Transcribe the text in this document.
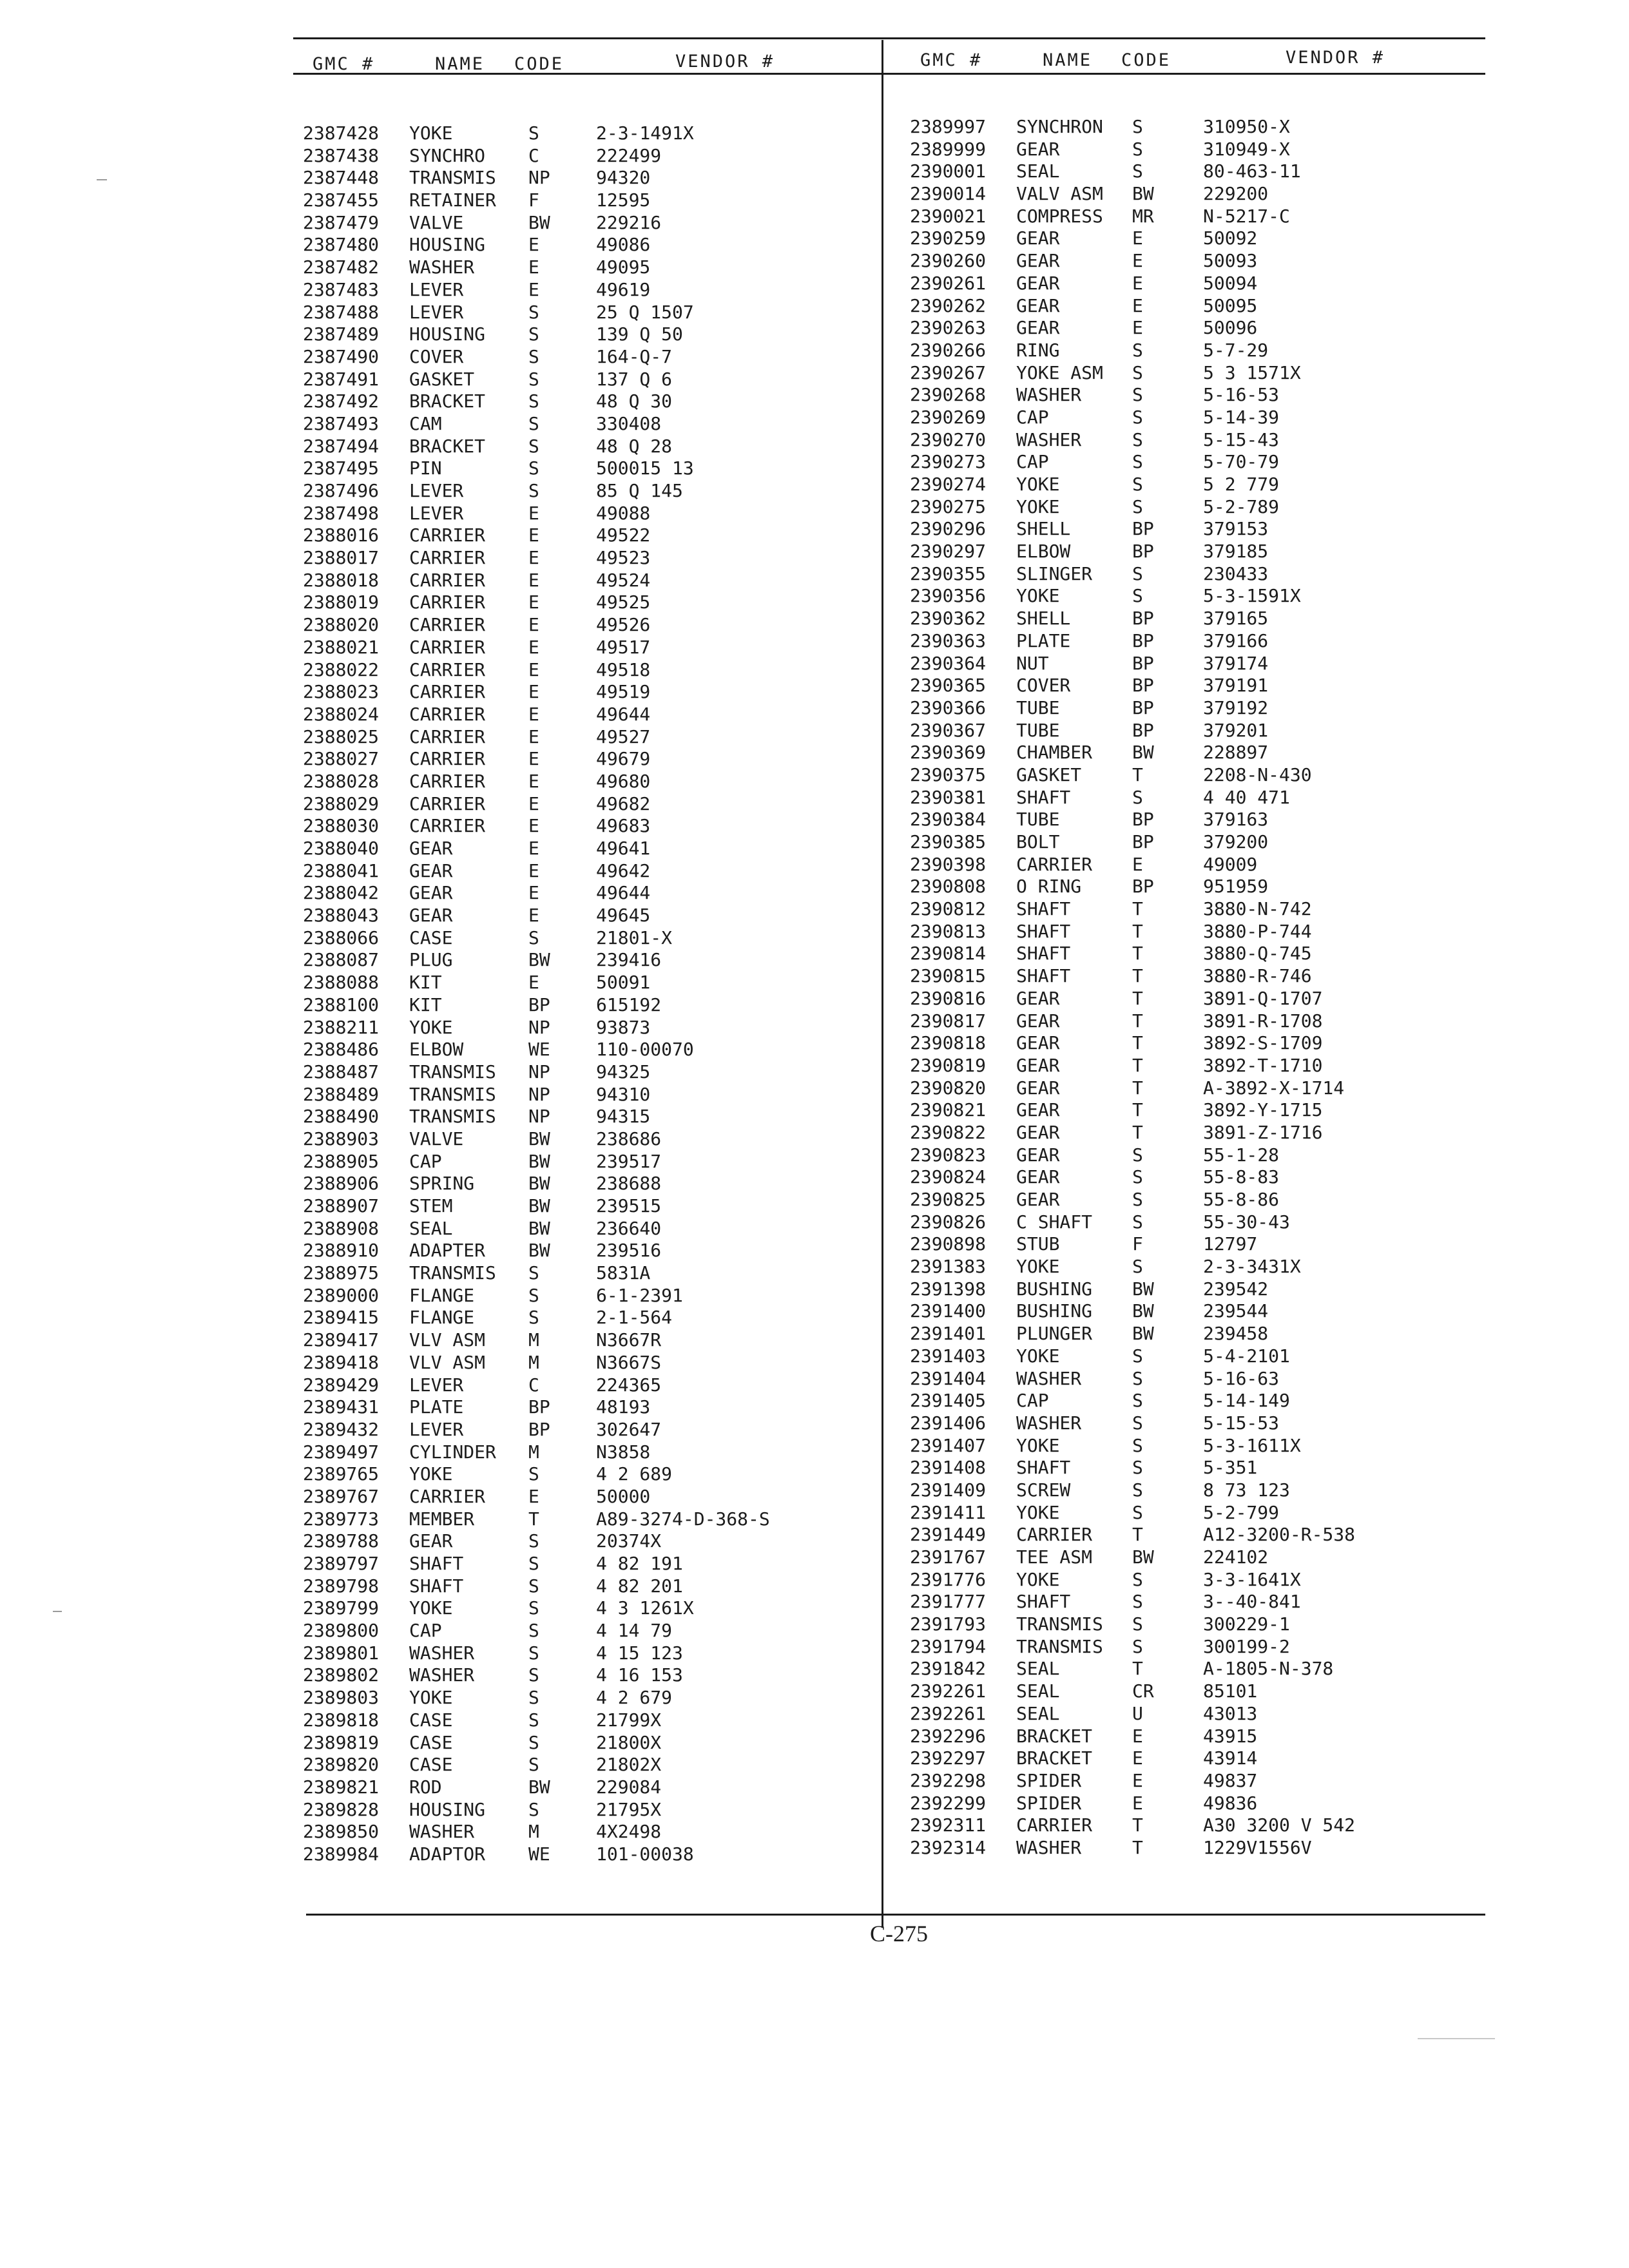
GMC #	NAME CODE	VENDOR #	GMC #	NAME CODE	VENDOR #
2387428 YOKE	S	2-3-1491X
2387438 SYNCHRO C	222499
2387448 TRANSMIS NP	94320
2387455 RETAINER F	12595
2387479 VALVE	BW	229216
2387480 HOUSING E	49086
2387482 WASHER	E	49095
2387483 LEVER	E	49619
2387488 LEVER	S	25 Q 1507
2387489 HOUSING S	139 Q 50
2387490 COVER	S	164-Q-7
2387491 GASKET	S	137 Q 6
2387492 BRACKET S	48 Q 30
2387493 CAM	S	330408
2387494 BRACKET S	48 Q 28
2387495 PIN	S	500015 13
2387496 LEVER	S	85 Q 145
2387498 LEVER	E	49088
2388016 CARRIER E	49522
2388017 CARRIER E	49523
2388018 CARRIER E	49524
2388019 CARRIER E	49525
2388020 CARRIER E	49526
2388021 CARRIER E	49517
2388022 CARRIER E	49518
2388023 CARRIER E	49519
2388024 CARRIER E	49644
2388025 CARRIER E	49527
2388027 CARRIER E	49679
2388028 CARRIER E	49680
2388029 CARRIER E	49682
2388030 CARRIER E	49683
2388040 GEAR	E	49641
2388041 GEAR	E	49642
2388042 GEAR	E	49644
2388043 GEAR	E	49645
2388066 CASE	S	21801-X
2388087 PLUG	BW	239416
2388088 KIT	E	50091
2388100 KIT	BP	615192
2388211 YOKE	NP	93873
2388486 ELBOW	WE	110-00070
2388487 TRANSMIS NP	94325
2388489 TRANSMIS NP	94310
2388490 TRANSMIS NP	94315
2388903 VALVE	BW	238686
2388905 CAP	BW	239517
2388906 SPRING	BW	238688
2388907 STEM	BW	239515
2388908 SEAL	BW	236640
2388910 ADAPTER BW	239516
2388975 TRANSMIS S	5831A
2389000 FLANGE	S	6-1-2391
2389415 FLANGE	S	2-1-564
2389417 VLV ASM M	N3667R
2389418 VLV ASM M	N3667S
2389429 LEVER	C	224365
2389431 PLATE	BP	48193
2389432 LEVER	BP	302647
2389497 CYLINDER M	N3858
2389765 YOKE	S	4 2 689
2389767 CARRIER E	50000
2389773 MEMBER	T	A89-3274-D-368-S
2389788 GEAR	S	20374X
2389797 SHAFT	S	4 82 191
2389798 SHAFT	S	4 82 201
2389799 YOKE	S	4 3 1261X
2389800 CAP	S	4 14 79
2389801 WASHER	S	4 15 123
2389802 WASHER	S	4 16 153
2389803 YOKE	S	4 2 679
2389818 CASE	S	21799X
2389819 CASE	S	21800X
2389820 CASE	S	21802X
2389821 ROD	BW	229084
2389828 HOUSING S	21795X
2389850 WASHER	M	4X2498
2389984 ADAPTOR WE	101-00038
2389997 SYNCHRON S	310950-X
2389999 GEAR	S	310949-X
2390001 SEAL	S	80-463-11
2390014 VALV ASM BW	229200
2390021 COMPRESS MR	N-5217-C
2390259 GEAR	E	50092
2390260 GEAR	E	50093
2390261 GEAR	E	50094
2390262 GEAR	E	50095
2390263 GEAR	E	50096
2390266 RING	S	5-7-29
2390267 YOKE ASM S	5 3 1571X
2390268 WASHER	S	5-16-53
2390269 CAP	S	5-14-39
2390270 WASHER	S	5-15-43
2390273 CAP	S	5-70-79
2390274 YOKE	S	5 2 779
2390275 YOKE	S	5-2-789
2390296 SHELL	BP	379153
2390297 ELBOW	BP	379185
2390355 SLINGER S	230433
2390356 YOKE	S	5-3-1591X
2390362 SHELL	BP	379165
2390363 PLATE	BP	379166
2390364 NUT	BP	379174
2390365 COVER	BP	379191
2390366 TUBE	BP	379192
2390367 TUBE	BP	379201
2390369 CHAMBER BW	228897
2390375 GASKET	T	2208-N-430
2390381 SHAFT	S	4 40 471
2390384 TUBE	BP	379163
2390385 BOLT	BP	379200
2390398 CARRIER E	49009
2390808 O RING	BP	951959
2390812 SHAFT	T	3880-N-742
2390813 SHAFT	T	3880-P-744
2390814 SHAFT	T	3880-Q-745
2390815 SHAFT	T	3880-R-746
2390816 GEAR	T	3891-Q-1707
2390817 GEAR	T	3891-R-1708
2390818 GEAR	T	3892-S-1709
2390819 GEAR	T	3892-T-1710
2390820 GEAR	T	A-3892-X-1714
2390821 GEAR	T	3892-Y-1715
2390822 GEAR	T	3891-Z-1716
2390823 GEAR	S	55-1-28
2390824 GEAR	S	55-8-83
2390825 GEAR	S	55-8-86
2390826 C SHAFT S	55-30-43
2390898 STUB	F	12797
2391383 YOKE	S	2-3-3431X
2391398 BUSHING BW	239542
2391400 BUSHING BW	239544
2391401 PLUNGER BW	239458
2391403 YOKE	S	5-4-2101
2391404 WASHER	S	5-16-63
2391405 CAP	S	5-14-149
2391406 WASHER	S	5-15-53
2391407 YOKE	S	5-3-1611X
2391408 SHAFT	S	5-351
2391409 SCREW	S	8 73 123
2391411 YOKE	S	5-2-799
2391449 CARRIER T	A12-3200-R-538
2391767 TEE ASM BW	224102
2391776 YOKE	S	3-3-1641X
2391777 SHAFT	S	3--40-841
2391793 TRANSMIS S	300229-1
2391794 TRANSMIS S	300199-2
2391842 SEAL	T	A-1805-N-378
2392261 SEAL	CR	85101
2392261 SEAL	U	43013
2392296 BRACKET E	43915
2392297 BRACKET E	43914
2392298 SPIDER	E	49837
2392299 SPIDER	E	49836
2392311 CARRIER T	A30 3200 V 542
2392314 WASHER	T	1229V1556V
C-275
